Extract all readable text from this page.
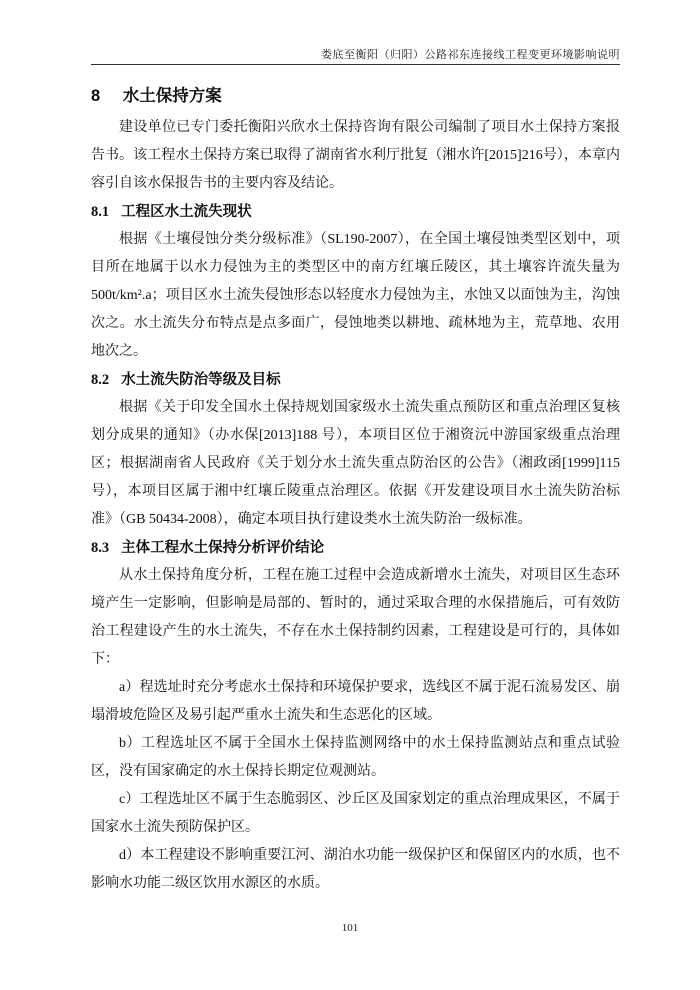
娄底至衡阳（归阳）公路祁东连接线工程变更环境影响说明
8 水土保持方案

建设单位已专门委托衡阳兴欣水土保持咨询有限公司编制了项目水土保持方案报告书。该工程水土保持方案已取得了湖南省水利厅批复（湘水许[2015]216号），本章内容引自该水保报告书的主要内容及结论。

8.1 工程区水土流失现状

根据《土壤侵蚀分类分级标准》（SL190-2007），在全国土壤侵蚀类型区划中，项目所在地属于以水力侵蚀为主的类型区中的南方红壤丘陵区，其土壤容许流失量为500t/km².a；项目区水土流失侵蚀形态以轻度水力侵蚀为主，水蚀又以面蚀为主，沟蚀次之。水土流失分布特点是点多面广，侵蚀地类以耕地、疏林地为主，荒草地、农用地次之。

8.2 水土流失防治等级及目标

根据《关于印发全国水土保持规划国家级水土流失重点预防区和重点治理区复核划分成果的通知》（办水保[2013]188 号），本项目区位于湘资沅中游国家级重点治理区；根据湖南省人民政府《关于划分水土流失重点防治区的公告》（湘政函[1999]115号），本项目区属于湘中红壤丘陵重点治理区。依据《开发建设项目水土流失防治标准》（GB 50434-2008），确定本项目执行建设类水土流失防治一级标准。

8.3 主体工程水土保持分析评价结论

从水土保持角度分析，工程在施工过程中会造成新增水土流失，对项目区生态环境产生一定影响，但影响是局部的、暂时的，通过采取合理的水保措施后，可有效防治工程建设产生的水土流失，不存在水土保持制约因素，工程建设是可行的，具体如下：

a）程选址时充分考虑水土保持和环境保护要求，选线区不属于泥石流易发区、崩塌滑坡危险区及易引起严重水土流失和生态恶化的区域。

b）工程选址区不属于全国水土保持监测网络中的水土保持监测站点和重点试验区，没有国家确定的水土保持长期定位观测站。

c）工程选址区不属于生态脆弱区、沙丘区及国家划定的重点治理成果区，不属于国家水土流失预防保护区。

d）本工程建设不影响重要江河、湖泊水功能一级保护区和保留区内的水质，也不影响水功能二级区饮用水源区的水质。

101
